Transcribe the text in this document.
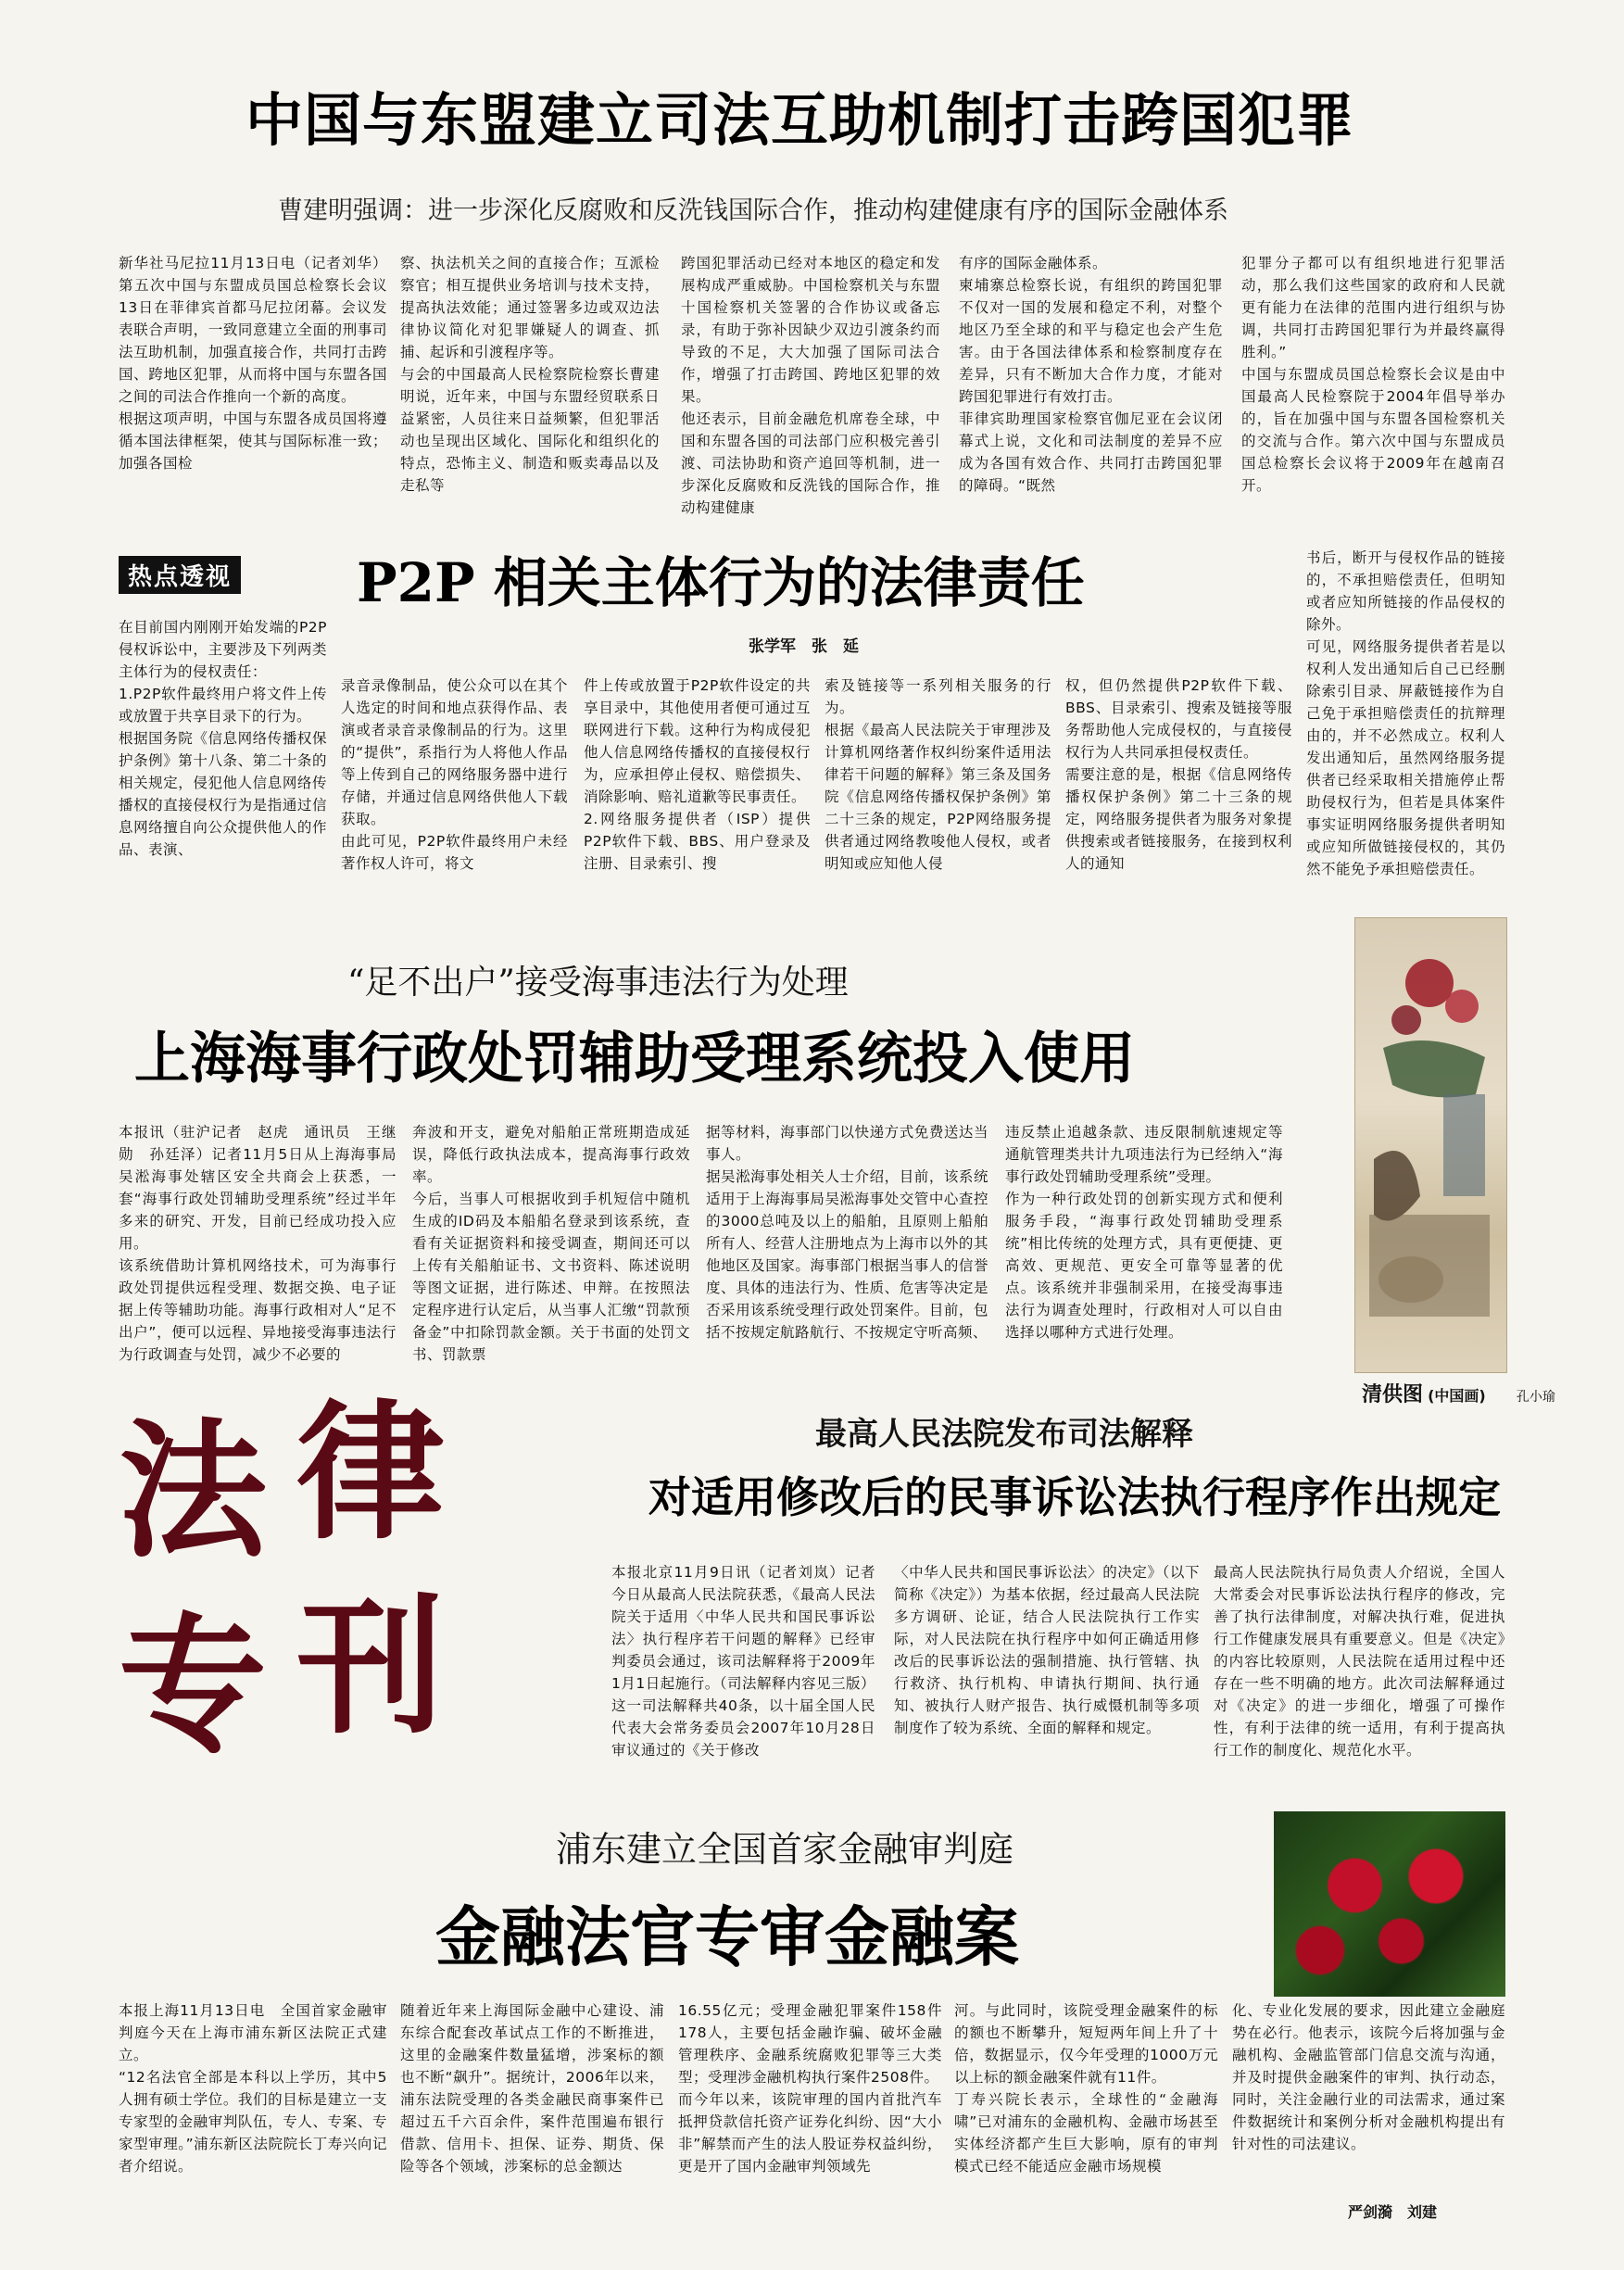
中国与东盟建立司法互助机制打击跨国犯罪
曹建明强调：进一步深化反腐败和反洗钱国际合作，推动构建健康有序的国际金融体系
新华社马尼拉11月13日电（记者刘华）第五次中国与东盟成员国总检察长会议13日在菲律宾首都马尼拉闭幕。会议发表联合声明，一致同意建立全面的刑事司法互助机制，加强直接合作，共同打击跨国、跨地区犯罪，从而将中国与东盟各国之间的司法合作推向一个新的高度。
根据这项声明，中国与东盟各成员国将遵循本国法律框架，使其与国际标准一致；加强各国检
察、执法机关之间的直接合作；互派检察官；相互提供业务培训与技术支持，提高执法效能；通过签署多边或双边法律协议简化对犯罪嫌疑人的调查、抓捕、起诉和引渡程序等。
与会的中国最高人民检察院检察长曹建明说，近年来，中国与东盟经贸联系日益紧密，人员往来日益频繁，但犯罪活动也呈现出区域化、国际化和组织化的特点，恐怖主义、制造和贩卖毒品以及走私等
跨国犯罪活动已经对本地区的稳定和发展构成严重威胁。中国检察机关与东盟十国检察机关签署的合作协议或备忘录，有助于弥补因缺少双边引渡条约而导致的不足，大大加强了国际司法合作，增强了打击跨国、跨地区犯罪的效果。
他还表示，目前金融危机席卷全球，中国和东盟各国的司法部门应积极完善引渡、司法协助和资产追回等机制，进一步深化反腐败和反洗钱的国际合作，推动构建健康
有序的国际金融体系。
柬埔寨总检察长说，有组织的跨国犯罪不仅对一国的发展和稳定不利，对整个地区乃至全球的和平与稳定也会产生危害。由于各国法律体系和检察制度存在差异，只有不断加大合作力度，才能对跨国犯罪进行有效打击。
菲律宾助理国家检察官伽尼亚在会议闭幕式上说，文化和司法制度的差异不应成为各国有效合作、共同打击跨国犯罪的障碍。“既然
犯罪分子都可以有组织地进行犯罪活动，那么我们这些国家的政府和人民就更有能力在法律的范围内进行组织与协调，共同打击跨国犯罪行为并最终赢得胜利。”
中国与东盟成员国总检察长会议是由中国最高人民检察院于2004年倡导举办的，旨在加强中国与东盟各国检察机关的交流与合作。第六次中国与东盟成员国总检察长会议将于2009年在越南召开。
热点透视 P2P 相关主体行为的法律责任
张学军　张　延
在目前国内刚刚开始发端的P2P侵权诉讼中，主要涉及下列两类主体行为的侵权责任：
1.P2P软件最终用户将文件上传或放置于共享目录下的行为。
根据国务院《信息网络传播权保护条例》第十八条、第二十条的相关规定，侵犯他人信息网络传播权的直接侵权行为是指通过信息网络擅自向公众提供他人的作品、表演、
录音录像制品，使公众可以在其个人选定的时间和地点获得作品、表演或者录音录像制品的行为。这里的“提供”，系指行为人将他人作品等上传到自己的网络服务器中进行存储，并通过信息网络供他人下载获取。
由此可见，P2P软件最终用户未经著作权人许可，将文
件上传或放置于P2P软件设定的共享目录中，其他使用者便可通过互联网进行下载。这种行为构成侵犯他人信息网络传播权的直接侵权行为，应承担停止侵权、赔偿损失、消除影响、赔礼道歉等民事责任。
2.网络服务提供者（ISP）提供P2P软件下载、BBS、用户登录及注册、目录索引、搜
索及链接等一系列相关服务的行为。
根据《最高人民法院关于审理涉及计算机网络著作权纠纷案件适用法律若干问题的解释》第三条及国务院《信息网络传播权保护条例》第二十三条的规定，P2P网络服务提供者通过网络教唆他人侵权，或者明知或应知他人侵
权，但仍然提供P2P软件下载、BBS、目录索引、搜索及链接等服务帮助他人完成侵权的，与直接侵权行为人共同承担侵权责任。
需要注意的是，根据《信息网络传播权保护条例》第二十三条的规定，网络服务提供者为服务对象提供搜索或者链接服务，在接到权利人的通知
书后，断开与侵权作品的链接的，不承担赔偿责任，但明知或者应知所链接的作品侵权的除外。
可见，网络服务提供者若是以权利人发出通知后自己已经删除索引目录、屏蔽链接作为自己免于承担赔偿责任的抗辩理由的，并不必然成立。权利人发出通知后，虽然网络服务提供者已经采取相关措施停止帮助侵权行为，但若是具体案件事实证明网络服务提供者明知或应知所做链接侵权的，其仍然不能免予承担赔偿责任。
“足不出户”接受海事违法行为处理
上海海事行政处罚辅助受理系统投入使用
本报讯（驻沪记者　赵虎　通讯员　王继勋　孙廷泽）记者11月5日从上海海事局吴淞海事处辖区安全共商会上获悉，一套“海事行政处罚辅助受理系统”经过半年多来的研究、开发，目前已经成功投入应用。
该系统借助计算机网络技术，可为海事行政处罚提供远程受理、数据交换、电子证据上传等辅助功能。海事行政相对人“足不出户”，便可以远程、异地接受海事违法行为行政调查与处罚，减少不必要的
奔波和开支，避免对船舶正常班期造成延误，降低行政执法成本，提高海事行政效率。
今后，当事人可根据收到手机短信中随机生成的ID码及本船船名登录到该系统，查看有关证据资料和接受调查，期间还可以上传有关船舶证书、文书资料、陈述说明等图文证据，进行陈述、申辩。在按照法定程序进行认定后，从当事人汇缴“罚款预备金”中扣除罚款金额。关于书面的处罚文书、罚款票
据等材料，海事部门以快递方式免费送达当事人。
据吴淞海事处相关人士介绍，目前，该系统适用于上海海事局吴淞海事处交管中心查控的3000总吨及以上的船舶，且原则上船舶所有人、经营人注册地点为上海市以外的其他地区及国家。海事部门根据当事人的信誉度、具体的违法行为、性质、危害等决定是否采用该系统受理行政处罚案件。目前，包括不按规定航路航行、不按规定守听高频、
违反禁止追越条款、违反限制航速规定等通航管理类共计九项违法行为已经纳入“海事行政处罚辅助受理系统”受理。
作为一种行政处罚的创新实现方式和便利服务手段，“海事行政处罚辅助受理系统”相比传统的处理方式，具有更便捷、更高效、更规范、更安全可靠等显著的优点。该系统并非强制采用，在接受海事违法行为调查处理时，行政相对人可以自由选择以哪种方式进行处理。
清供图 (中国画) 孔小瑜
法 律
专 刊
最高人民法院发布司法解释
对适用修改后的民事诉讼法执行程序作出规定
本报北京11月9日讯（记者刘岚）记者今日从最高人民法院获悉，《最高人民法院关于适用〈中华人民共和国民事诉讼法〉执行程序若干问题的解释》已经审判委员会通过，该司法解释将于2009年1月1日起施行。（司法解释内容见三版）
这一司法解释共40条，以十届全国人民代表大会常务委员会2007年10月28日审议通过的《关于修改
〈中华人民共和国民事诉讼法〉的决定》（以下简称《决定》）为基本依据，经过最高人民法院多方调研、论证，结合人民法院执行工作实际，对人民法院在执行程序中如何正确适用修改后的民事诉讼法的强制措施、执行管辖、执行救济、执行机构、申请执行期间、执行通知、被执行人财产报告、执行威慑机制等多项制度作了较为系统、全面的解释和规定。
最高人民法院执行局负责人介绍说，全国人大常委会对民事诉讼法执行程序的修改，完善了执行法律制度，对解决执行难，促进执行工作健康发展具有重要意义。但是《决定》的内容比较原则，人民法院在适用过程中还存在一些不明确的地方。此次司法解释通过对《决定》的进一步细化，增强了可操作性，有利于法律的统一适用，有利于提高执行工作的制度化、规范化水平。
浦东建立全国首家金融审判庭
金融法官专审金融案
本报上海11月13日电　全国首家金融审判庭今天在上海市浦东新区法院正式建立。
“12名法官全部是本科以上学历，其中5人拥有硕士学位。我们的目标是建立一支专家型的金融审判队伍，专人、专案、专家型审理。”浦东新区法院院长丁寿兴向记者介绍说。
随着近年来上海国际金融中心建设、浦东综合配套改革试点工作的不断推进，这里的金融案件数量猛增，涉案标的额也不断“飙升”。据统计，2006年以来，浦东法院受理的各类金融民商事案件已超过五千六百余件，案件范围遍布银行借款、信用卡、担保、证券、期货、保险等各个领域，涉案标的总金额达
16.55亿元；受理金融犯罪案件158件178人，主要包括金融诈骗、破坏金融管理秩序、金融系统腐败犯罪等三大类型；受理涉金融机构执行案件2508件。
而今年以来，该院审理的国内首批汽车抵押贷款信托资产证券化纠纷、因“大小非”解禁而产生的法人股证券权益纠纷，更是开了国内金融审判领域先
河。与此同时，该院受理金融案件的标的额也不断攀升，短短两年间上升了十倍，数据显示，仅今年受理的1000万元以上标的额金融案件就有11件。
丁寿兴院长表示，全球性的“金融海啸”已对浦东的金融机构、金融市场甚至实体经济都产生巨大影响，原有的审判模式已经不能适应金融市场规模
化、专业化发展的要求，因此建立金融庭势在必行。他表示，该院今后将加强与金融机构、金融监管部门信息交流与沟通，并及时提供金融案件的审判、执行动态，同时，关注金融行业的司法需求，通过案件数据统计和案例分析对金融机构提出有针对性的司法建议。
严剑漪　刘建
